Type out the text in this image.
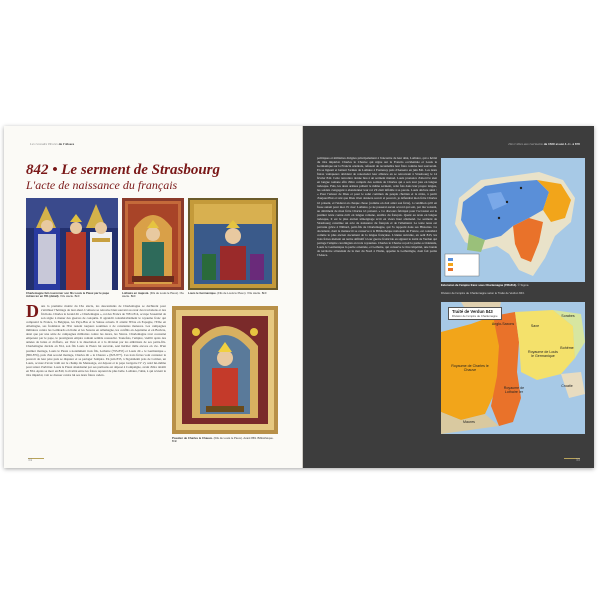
Les Grandes Heures de l'Alsace
842 • Le serment de Strasbourg
L'acte de naissance du français
Charlemagne fait couronner son fils Louis le Pieux par le pape Adrien Ier en 781 (détail). XVe siècle. BnF
Lothaire en majesté. (Fils de Louis le Pieux). IXe siècle. BnF
Louis le Germanique. (Fils de Louis le Pieux). XVe siècle. BnF
Dans la première moitié du IXe siècle, les descendants de Charlemagne se déchirent pour s'attribuer l'héritage de leur aïeul. L'Alsace se retrouve bien souvent au cœur des tractations et des frictions. Charles le Grand dit « Charlemagne », roi des Francs de 768 à 814, occupe l'essentiel de son règne à mener des guerres de conquête. Il agrandit considérablement le royaume franc qui comprend la France, la Belgique, les Pays-Bas et la Suisse actuels. Il atteint l'Ebre en Espagne, l'Elbe en Allemagne, ses frontières de l'Est restent toujours soumises à de constantes menaces. Les campagnes militaires contre les Lombards en Italie et les Saxons en Allemagne, les conflits en Aquitaine et en Bavière, ainsi que par une série de campagnes militaires contre les Avars, les Slaves. Charlemagne s'est couronné empereur par le pape, le prestigieux empire romain semble ressuscité. Toutefois, l'empire, vieillit après des années de luttes et d'efforts, est livré à la désolation et à la division par les ambitions de ses petits-fils. Charlemagne décède en 814, son fils Louis le Pieux lui succède, seul héritier mâle encore en vie. D'un premier mariage, Louis le Pieux a notamment trois fils, Lothaire (795-855) et Louis dit « le Germanique » (806-876), puis d'un second mariage, Charles dit « le Chauve » (823-877). Ces trois frères vont contester le pouvoir de leur père puis se disputer et se partager l'empire. En juin 833, à Sigolsheim près de Colmar, un Louis, accusé d'avoir trahi sur le champ du Mensonge, est déposé et le pape Grégoire IV s'y rend lui-même pour tenter d'arbitrer. Louis le Pieux abandonné par ses partisans est déposé à Compiègne, avant d'être rétabli en 834. Après sa mort en 840, la rivalité entre les frères reprend de plus belle. Lothaire, l'aîné, à qui revient le titre impérial, voit se dresser contre lui ses deux frères cadets.
Psautier de Charles le Chauve. (Fils de Louis le Pieux). Avant 869. Bibliothèque. BnF
54
Des Celtes aux Germains de 1500 avant J.-C. à 870
politiques et militaires dirigées principalement à l'encontre de leur aîné, Lothaire, qui a hérité du titre impérial. Charles le Chauve qui règne sur la Francia occidentale et Louis le Germanique sur la Francia orientale, refusent de reconnaître leur frère comme leur souverain. En se liguant et battant l'armée de Lothaire à Fontenoy près d'Auxerre en juin 841. Les deux frères vainqueurs décident de renouveler leur alliance en se retrouvant à Strasbourg le 14 février 842. Cette rencontre donne lieu à un serment mutuel. Louis prononce d'abord le sien en langue romane afin d'être compris des soldats de Charles qui a son tour jure en langue tudesque. Puis, les deux armées prêtent le même serment, cette fois dans leur propre langue, les soldats s'engagent à abandonner leur roi s'il était infidèle à sa parole. Louis déclare ainsi : « Pour l'amour de Dieu et pour le salut commun du peuple chrétien et le nôtre, à partir d'aujourd'hui et tant que Dieu m'en donnera savoir et pouvoir, je défendrai mon frère Charles ici présent, et l'aiderai en chaque chose (comme on doit aider son frère), à condition qu'il en fasse autant pour moi. Et avec Lothaire, je ne passerai aucun accord qui soit, par ma volonté, au détriment de mon frère Charles ici présent. » Ce discours fabriqué pour l'occasion est le premier texte connu écrit en langue romane, ancêtre du français. Quant au texte en langue tudesque, il est le plus ancien témoignage écrit en vieux haut allemand. Le serment de Strasbourg constitue un acte de naissance du français et de l'allemand. Le texte nous est parvenu grâce à Nithard, petit-fils de Charlemagne, qui l'a rapporté dans ses Histoires. Ce document, dont le manuscrit se conserve à la Bibliothèque nationale de France, est considéré comme le plus ancien document de la langue française. L'année suivante, en août 843, les trois frères mettent un terme définitif à leur guerre fratricide en signant le traité de Verdun qui partage l'empire carolingien en trois royaumes. Charles le Chauve reçoit la partie occidentale, Louis le Germanique la partie orientale, et Lothaire, qui conserve le titre impérial, une bande de territoire s'étendant de la mer du Nord à l'Italie, appelée la Lotharingie, dont fait partie l'Alsace.
Extension de l'empire franc sous Charlemagne (768-814). © Sigma
Division de l'empire de Charlemagne selon le Traité de Verdun 843.
Traité de Verdun 843
Division de l'empire de Charlemagne
Anglo-Saxons	Saxe
Bohême
Royaume de Louis le Germanique
Royaume de Charles le Chauve
Royaume de Lothaire Ier
Croatie
Sorabes
Maures
55
